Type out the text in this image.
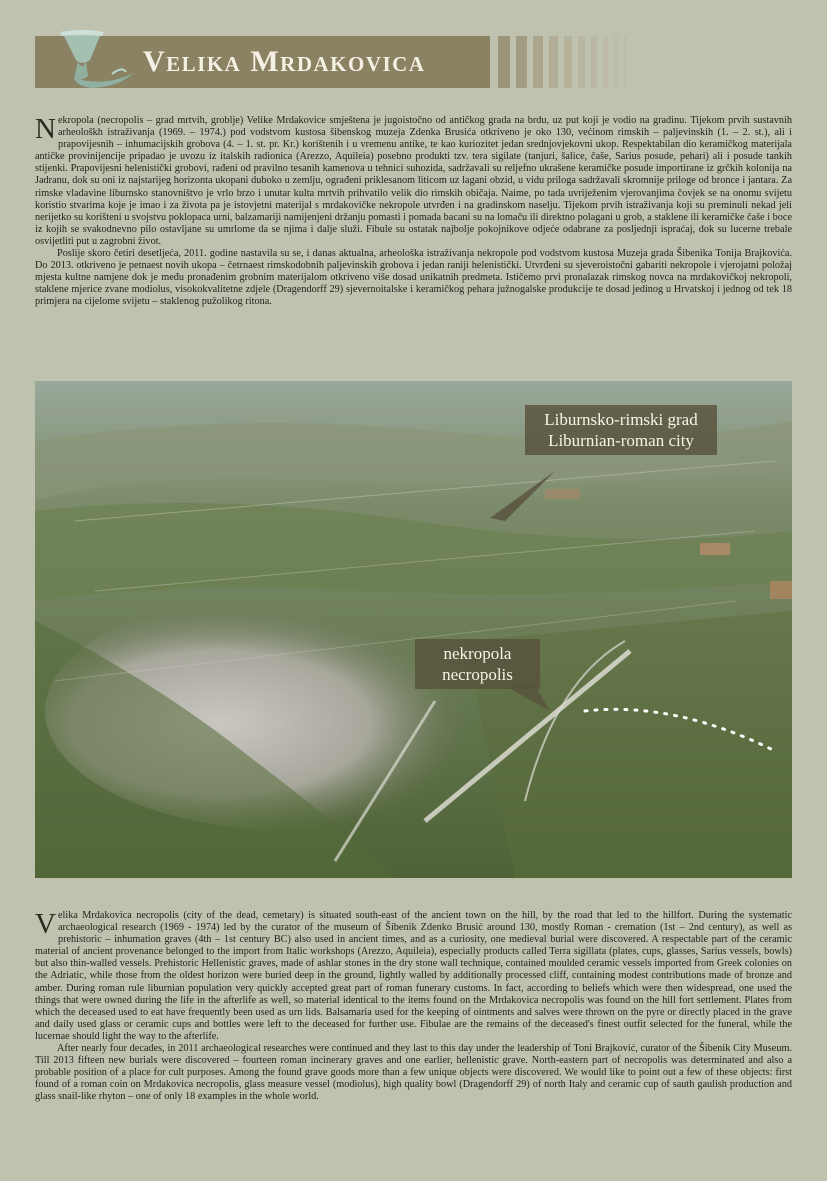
Velika Mrdakovica

Nekropola (necropolis – grad mrtvih, groblje) Velike Mrdakovice smještena je jugoistočno od antičkog grada na brdu, uz put koji je vodio na gradinu. Tijekom prvih sustavnih arheološkh istraživanja (1969. – 1974.) pod vodstvom kustosa šibenskog muzeja Zdenka Brusića otkriveno je oko 130, većinom rimskih – paljevinskih (1. – 2. st.), ali i prapovijesnih – inhumacijskih grobova (4. – 1. st. pr. Kr.) korištenih i u vremenu antike, te kao kuriozitet jedan srednjovjekovni ukop. Respektabilan dio keramičkog materijala antičke provinijencije pripadao je uvozu iz italskih radionica (Arezzo, Aquileia) posebno produkti tzv. tera sigilate (tanjuri, šalice, čaše, Sarius posude, pehari) ali i posude tankih stijenki. Prapovijesni helenistički grobovi, rađeni od pravilno tesanih kamenova u tehnici suhozida, sadržavali su reljefno ukrašene keramičke posude importirane iz grčkih kolonija na Jadranu, dok su oni iz najstarijeg horizonta ukopani duboko u zemlju, ograđeni priklesanom liticom uz lagani obzid, u vidu priloga sadržavali skromnije priloge od bronce i jantara. Za rimske vladavine liburnsko stanovništvo je vrlo brzo i unutar kulta mrtvih prihvatilo velik dio rimskih običaja. Naime, po tada uvriježenim vjerovanjima čovjek se na onomu svijetu koristio stvarima koje je imao i za života pa je istovjetni materijal s mrdakovičke nekropole utvrđen i na gradinskom naselju. Tijekom prvih istraživanja koji su preminuli nekad jeli nerijetko su korišteni u svojstvu poklopaca urni, balzamariji namijenjeni držanju pomasti i pomada bacani su na lomaču ili direktno polagani u grob, a staklene ili keramičke čaše i boce iz kojih se svakodnevno pilo ostavljane su umrlome da se njima i dalje služi. Fibule su ostatak najbolje pokojnikove odjeće odabrane za posljednji ispraćaj, dok su lucerne trebale osvijetliti put u zagrobni život.

Poslije skoro četiri desetljeća, 2011. godine nastavila su se, i danas aktualna, arheološka istraživanja nekropole pod vodstvom kustosa Muzeja grada Šibenika Tonija Brajkovića. Do 2013. otkriveno je petnaest novih ukopa – četrnaest rimskodobnih paljevinskih grobova i jedan raniji helenistički. Utvrđeni su sjeveroistočni gabariti nekropole i vjerojatni položaj mjesta kultne namjene dok je među pronađenim grobnim materijalom otkriveno više dosad unikatnih predmeta. Ističemo prvi pronalazak rimskog novca na mrdakovičkoj nekropoli, staklene mjerice zvane modiolus, visokokvalitetne zdjele (Dragendorff 29) sjevernoitalske i keramičkog pehara južnogalske produkcije te dosad jedinog u Hrvatskoj i jednog od tek 18 primjera na cijelome svijetu – staklenog pužolikog ritona.

Liburnsko-rimski grad
Liburnian-roman city
nekropola
necropolis

Velika Mrdakovica necropolis (city of the dead, cemetary) is situated south-east of the ancient town on the hill, by the road that led to the hillfort. During the systematic archaeological research (1969 - 1974) led by the curator of the museum of Šibenik Zdenko Brusić around 130, mostly Roman - cremation (1st – 2nd century), as well as prehistoric – inhumation graves (4th – 1st century BC) also used in ancient times, and as a curiosity, one medieval burial were discovered. A respectable part of the ceramic material of ancient provenance belonged to the import from Italic workshops (Arezzo, Aquileia), especially products called Terra sigillata (plates, cups, glasses, Sarius vessels, bowls) but also thin-walled vessels. Prehistoric Hellenistic graves, made of ashlar stones in the dry stone wall technique, contained moulded ceramic vessels imported from Greek colonies on the Adriatic, while those from the oldest horizon were buried deep in the ground, lightly walled by additionally processed cliff, containing modest contributions made of bronze and amber. During roman rule liburnian population very quickly accepted great part of roman funerary customs. In fact, according to beliefs which were then widespread, one used the things that were owned during the life in the afterlife as well, so material identical to the items found on the Mrdakovica necropolis was found on the hill fort settlement. Plates from which the deceased used to eat have frequently been used as urn lids. Balsamaria used for the keeping of ointments and salves were thrown on the pyre or directly placed in the grave and daily used glass or ceramic cups and bottles were left to the deceased for further use. Fibulae are the remains of the deceased's finest outfit selected for the funeral, while the lucernae should light the way to the afterlife.

After nearly four decades, in 2011 archaeological researches were continued and they last to this day under the leadership of Toni Brajković, curator of the Šibenik City Museum. Till 2013 fifteen new burials were discovered – fourteen roman incinerary graves and one earlier, hellenistic grave. North-eastern part of necropolis was determinated and also a probable position of a place for cult purposes. Among the found grave goods more than a few unique objects were discovered. We would like to point out a few of these objects: first found of a roman coin on Mrdakovica necropolis, glass measure vessel (modiolus), high quality bowl (Dragendorff 29) of north Italy and ceramic cup of sauth gaulish production and glass snail-like rhyton – one of only 18 examples in the whole world.
